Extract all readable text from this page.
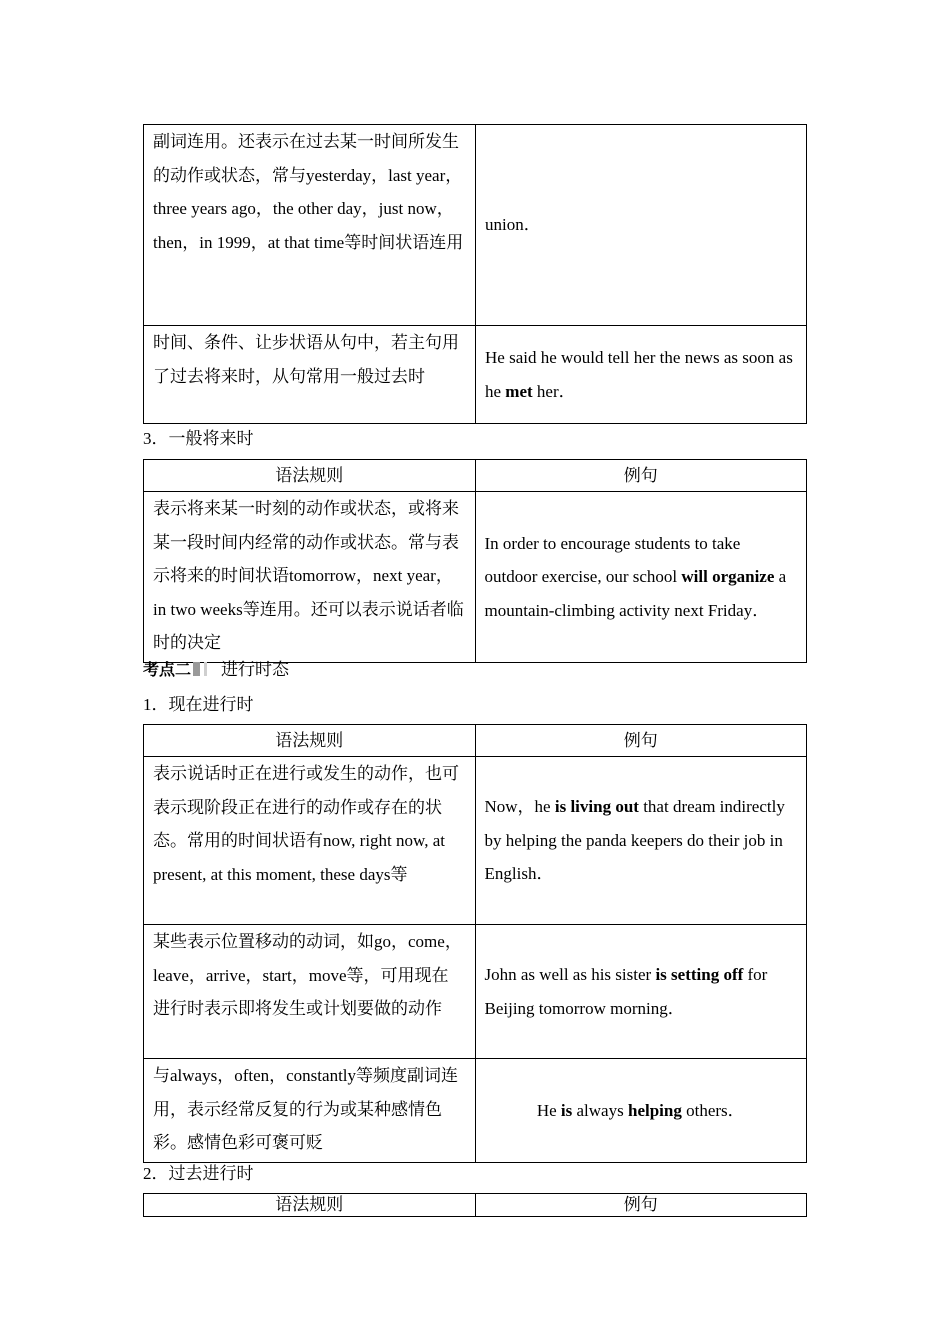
副词连用。还表示在过去某一时间所发生的动作或状态，常与yesterday，last year，three years ago，the other day，just now，then，in 1999，at that time等时间状语连用	union．
时间、条件、让步状语从句中，若主句用了过去将来时，从句常用一般过去时	He said he would tell her the news as soon as he met her．
3．一般将来时
语法规则	例句
表示将来某一时刻的动作或状态，或将来某一段时间内经常的动作或状态。常与表示将来的时间状语tomorrow，next year，in two weeks等连用。还可以表示说话者临时的决定	In order to encourage students to take outdoor exercise, our school will organize a mountain-climbing activity next Friday．
考点二 进行时态
1．现在进行时
语法规则	例句
表示说话时正在进行或发生的动作，也可表示现阶段正在进行的动作或存在的状态。常用的时间状语有now, right now, at present, at this moment, these days等	Now，he is living out that dream indirectly by helping the panda keepers do their job in English．
某些表示位置移动的动词，如go，come，leave，arrive，start，move等，可用现在进行时表示即将发生或计划要做的动作	John as well as his sister is setting off for Beijing tomorrow morning．
与always，often，constantly等频度副词连用，表示经常反复的行为或某种感情色彩。感情色彩可褒可贬	He is always helping others．
2．过去进行时
语法规则	例句
